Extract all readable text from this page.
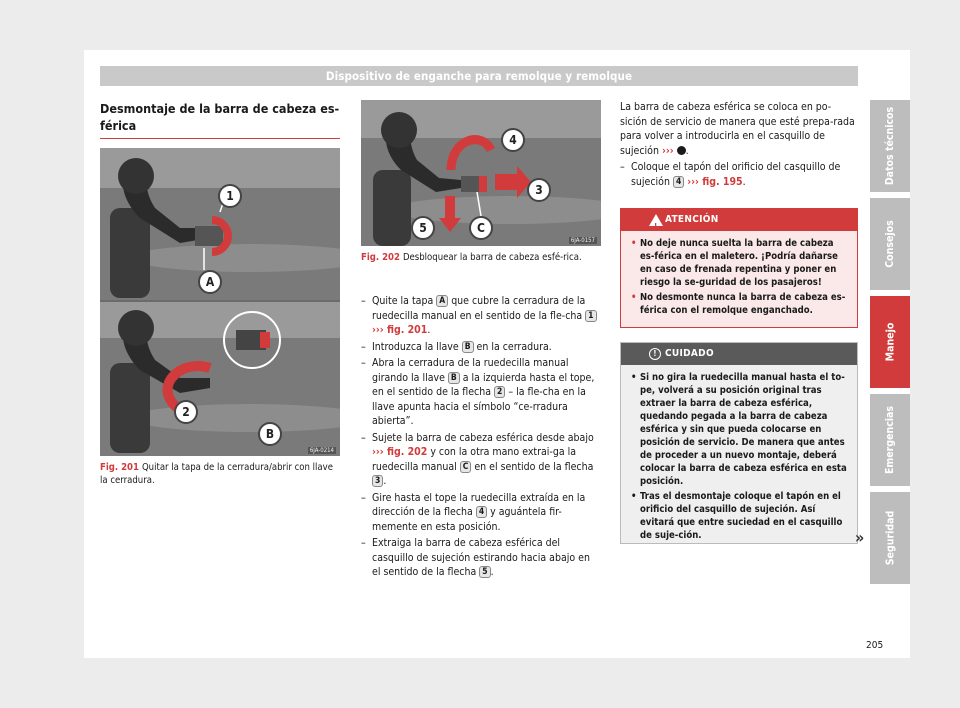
Dispositivo de enganche para remolque y remolque
Desmontaje de la barra de cabeza es-
férica
1
A
2
B
6JA-0214
Fig. 201 Quitar la tapa de la cerradura/abrir con llave la cerradura.
4
3
5	C
6JA-0157
Fig. 202 Desbloquear la barra de cabeza esfé-rica.
– Quite la tapa A que cubre la cerradura de la ruedecilla manual en el sentido de la fle-cha 1 ››› fig. 201.
– Introduzca la llave B en la cerradura.
– Abra la cerradura de la ruedecilla manual girando la llave B a la izquierda hasta el tope, en el sentido de la flecha 2 – la fle-cha en la llave apunta hacia el símbolo “ce-rradura abierta”.
– Sujete la barra de cabeza esférica desde abajo ››› fig. 202 y con la otra mano extrai-ga la ruedecilla manual C en el sentido de la flecha 3 .
– Gire hasta el tope la ruedecilla extraída en la dirección de la flecha 4 y aguántela fir-memente en esta posición.
– Extraiga la barra de cabeza esférica del casquillo de sujeción estirando hacia abajo en el sentido de la flecha 5 .

La barra de cabeza esférica se coloca en po-sición de servicio de manera que esté prepa-rada para volver a introducirla en el casquillo de sujeción ››› .

– Coloque el tapón del orificio del casquillo de sujeción 4 ››› fig. 195.
!
ATENCIÓN
• No deje nunca suelta la barra de cabeza es-férica en el maletero. ¡Podría dañarse en caso de frenada repentina y poner en riesgo la se-guridad de los pasajeros!
• No desmonte nunca la barra de cabeza es-férica con el remolque enganchado.
! CUIDADO
• Si no gira la ruedecilla manual hasta el to-pe, volverá a su posición original tras extraer la barra de cabeza esférica, quedando pegada a la barra de cabeza esférica y sin que pueda colocarse en posición de servicio. De manera que antes de proceder a un nuevo montaje, deberá colocar la barra de cabeza esférica en esta posición.
• Tras el desmontaje coloque el tapón en el orificio del casquillo de sujeción. Así evitará que entre suciedad en el casquillo de suje-ción.	»
Datos técnicos
Consejos
Manejo
Emergencias
Seguridad
205
